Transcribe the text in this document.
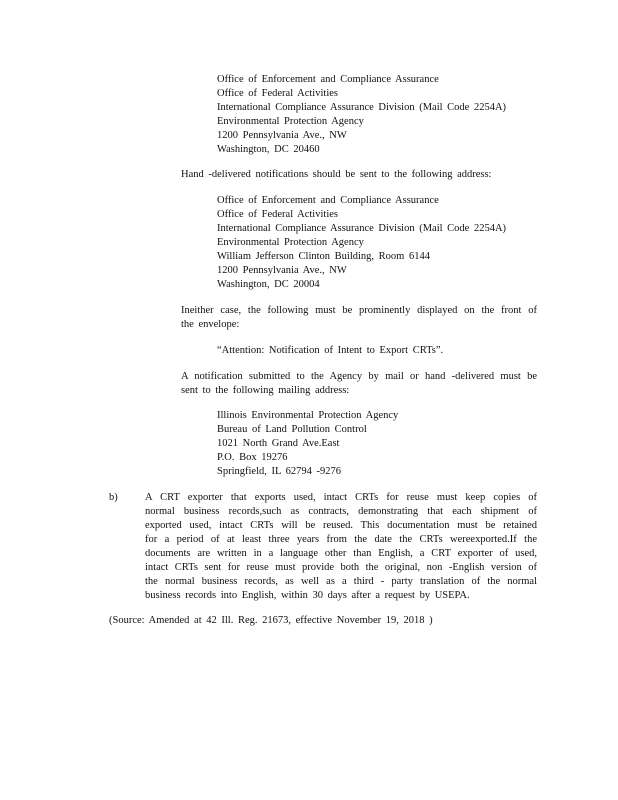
Office of Enforcement and Compliance Assurance
Office of Federal Activities
International Compliance Assurance Division (Mail Code 2254A)
Environmental Protection Agency
1200 Pennsylvania Ave., NW
Washington, DC 20460
Hand -delivered notifications should be sent to the following address:
Office of Enforcement and Compliance Assurance
Office of Federal Activities
International Compliance Assurance Division (Mail Code 2254A)
Environmental Protection Agency
William Jefferson Clinton Building, Room 6144
1200 Pennsylvania Ave., NW
Washington, DC 20004
Ineither case, the following must be prominently displayed on the front of
the envelope:
“Attention: Notification of Intent to Export CRTs”.
A notification submitted to the Agency by mail or hand -delivered must be
sent to the following mailing address:
Illinois Environmental Protection Agency
Bureau of Land Pollution Control
1021 North Grand Ave.East
P.O. Box 19276
Springfield, IL 62794 -9276
b)	A CRT exporter that exports used, intact CRTs for reuse must keep copies of
normal business records,such as contracts, demonstrating that each shipment of
exported used, intact CRTs will be reused. This documentation must be retained
for a period of at least three years from the date the CRTs wereexported.If the
documents are written in a language other than English, a CRT exporter of used,
intact CRTs sent for reuse must provide both the original, non -English version of
the normal business records, as well as a third - party translation of the normal
business records into English, within 30 days after a request by USEPA.
(Source: Amended at 42 Ill. Reg. 21673, effective November 19, 2018 )
